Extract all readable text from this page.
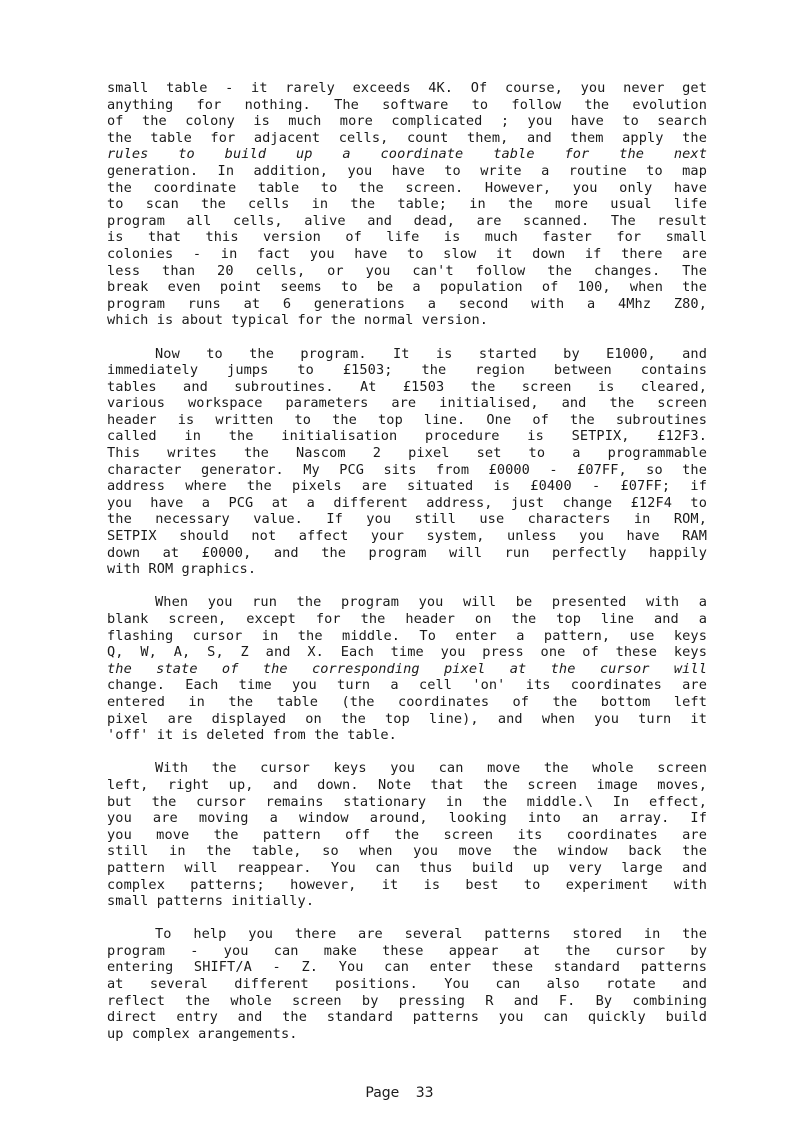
small table - it rarely exceeds 4K. Of course, you never get
anything for nothing. The software to follow the evolution
of the colony is much more complicated ; you have to search
the table for adjacent cells, count them, and them apply the
rules to build up a coordinate table for the next
generation. In addition, you have to write a routine to map
the coordinate table to the screen. However, you only have
to scan the cells in the table; in the more usual life
program all cells, alive and dead, are scanned. The result
is that this version of life is much faster for small
colonies - in fact you have to slow it down if there are
less than 20 cells, or you can't follow the changes. The
break even point seems to be a population of 100, when the
program runs at 6 generations a second with a 4Mhz Z80,
which is about typical for the normal version.
Now to the program. It is started by E1000, and
immediately jumps to £1503; the region between contains
tables and subroutines. At £1503 the screen is cleared,
various workspace parameters are initialised, and the screen
header is written to the top line. One of the subroutines
called in the initialisation procedure is SETPIX, £12F3.
This writes the Nascom 2 pixel set to a programmable
character generator. My PCG sits from £0000 - £07FF, so the
address where the pixels are situated is £0400 - £07FF; if
you have a PCG at a different address, just change £12F4 to
the necessary value. If you still use characters in ROM,
SETPIX should not affect your system, unless you have RAM
down at £0000, and the program will run perfectly happily
with ROM graphics.
When you run the program you will be presented with a
blank screen, except for the header on the top line and a
flashing cursor in the middle. To enter a pattern, use keys
Q, W, A, S, Z and X. Each time you press one of these keys
the state of the corresponding pixel at the cursor will
change. Each time you turn a cell 'on' its coordinates are
entered in the table (the coordinates of the bottom left
pixel are displayed on the top line), and when you turn it
'off' it is deleted from the table.
With the cursor keys you can move the whole screen
left, right up, and down. Note that the screen image moves,
but the cursor remains stationary in the middle.\ In effect,
you are moving a window around, looking into an array. If
you move the pattern off the screen its coordinates are
still in the table, so when you move the window back the
pattern will reappear. You can thus build up very large and
complex patterns; however, it is best to experiment with
small patterns initially.
To help you there are several patterns stored in the
program - you can make these appear at the cursor by
entering SHIFT/A - Z. You can enter these standard patterns
at several different positions. You can also rotate and
reflect the whole screen by pressing R and F. By combining
direct entry and the standard patterns you can quickly build
up complex arangements.
Page 33
